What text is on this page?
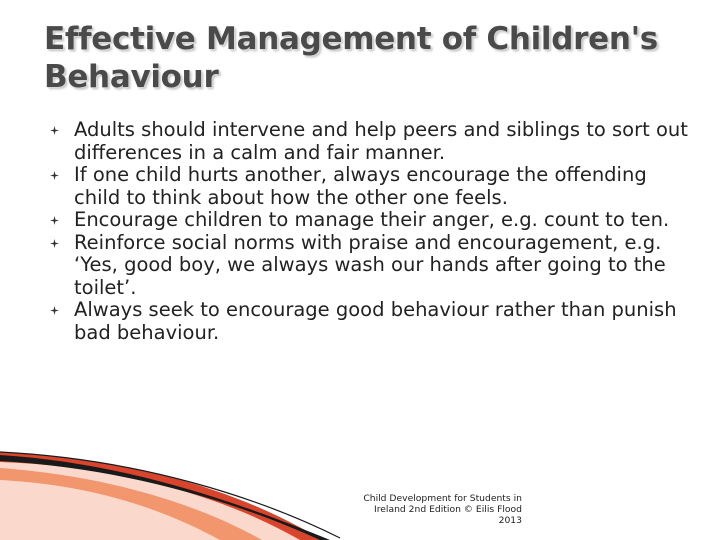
Effective Management of Children's Behaviour
Adults should intervene and help peers and siblings to sort out differences in a calm and fair manner.
If one child hurts another, always encourage the offending child to think about how the other one feels.
Encourage children to manage their anger, e.g. count to ten.
Reinforce social norms with praise and encouragement, e.g. ‘Yes, good boy, we always wash our hands after going to the toilet’.
Always seek to encourage good behaviour rather than punish bad behaviour.
Child Development for Students in
Ireland 2nd Edition © Eilis Flood
2013
